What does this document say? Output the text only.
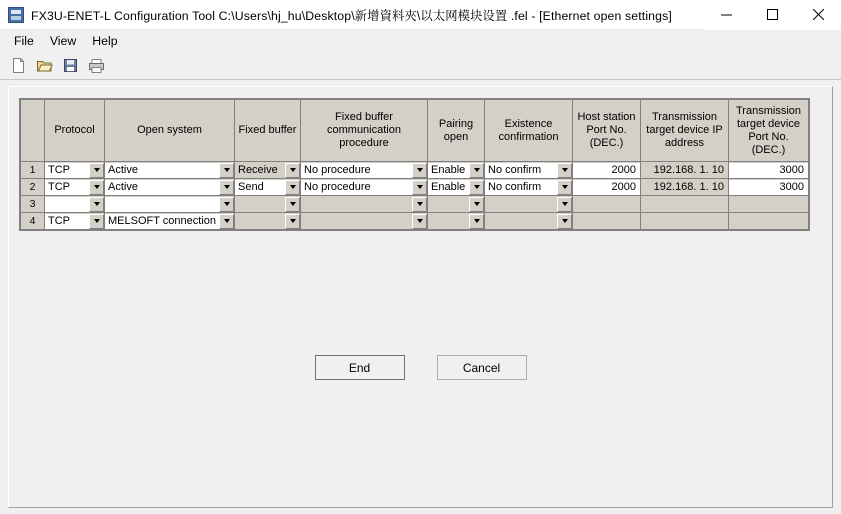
FX3U-ENET-L Configuration Tool C:\Users\hj_hu\Desktop\新增資料夾\以太网模块设置 .fel - [Ethernet open settings]
File	View	Help
	Protocol	Open system	Fixed buffer	Fixed buffer communication procedure	Pairing open	Existence confirmation	Host station Port No. (DEC.)	Transmission target device IP address	Transmission target device Port No. (DEC.)
1	TCP	Active	Receive	No procedure	Enable	No confirm	2000	192.168. 1. 10	3000

2	TCP	Active	Send	No procedure	Enable	No confirm	2000	192.168. 1. 10	3000

3	

4	TCP	MELSOFT connection							

End	Cancel
